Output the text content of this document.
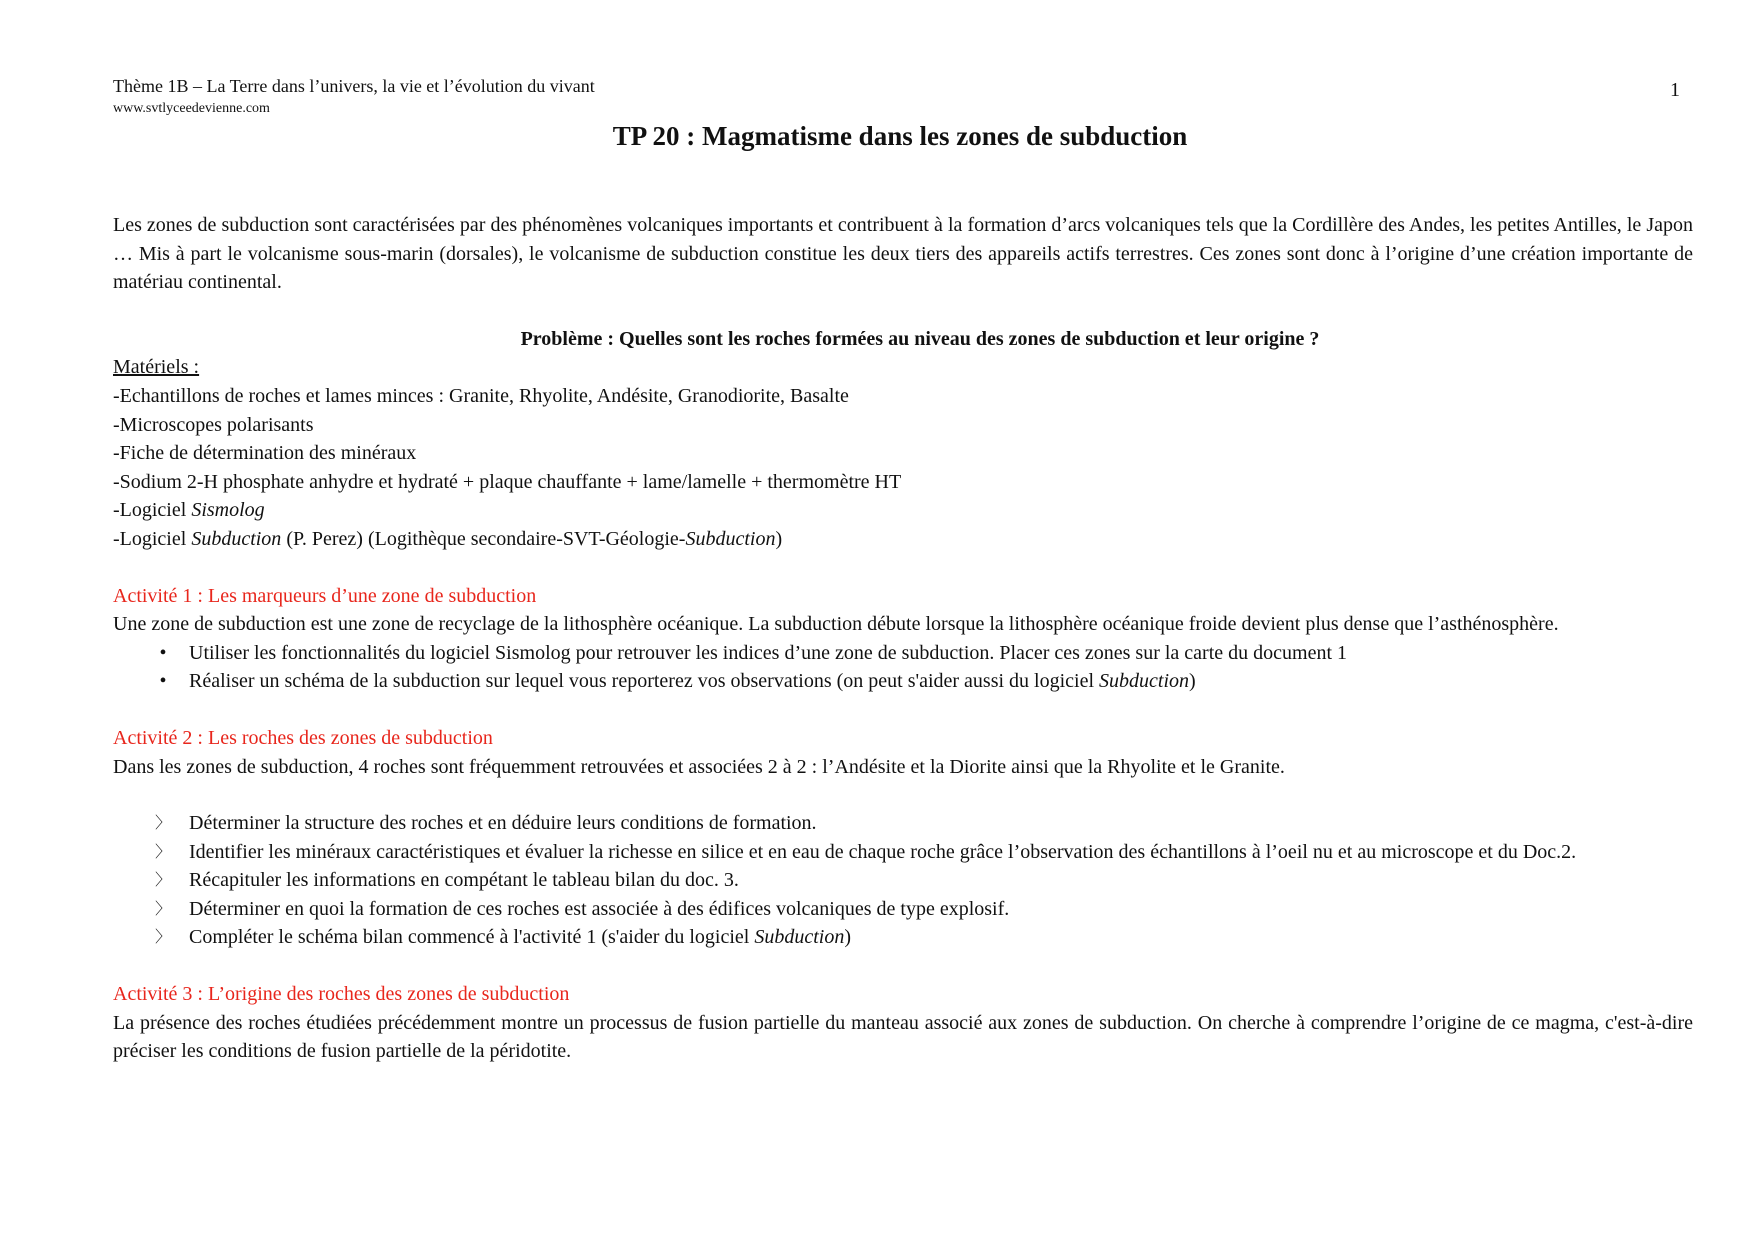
Thème 1B – La Terre dans l’univers, la vie et l’évolution du vivant
www.svtlyceedevienne.com
1
TP 20 : Magmatisme dans les zones de subduction

Les zones de subduction sont caractérisées par des phénomènes volcaniques importants et contribuent à la formation d’arcs volcaniques tels que la Cordillère des Andes, les petites Antilles, le Japon … Mis à part le volcanisme sous-marin (dorsales), le volcanisme de subduction constitue les deux tiers des appareils actifs terrestres. Ces zones sont donc à l’origine d’une création importante de matériau continental.

Problème : Quelles sont les roches formées au niveau des zones de subduction et leur origine ?

Matériels :

-Echantillons de roches et lames minces : Granite, Rhyolite, Andésite, Granodiorite, Basalte

-Microscopes polarisants

-Fiche de détermination des minéraux

-Sodium 2-H phosphate anhydre et hydraté + plaque chauffante + lame/lamelle + thermomètre HT

-Logiciel Sismolog

-Logiciel Subduction (P. Perez) (Logithèque secondaire-SVT-Géologie-Subduction)

Activité 1 : Les marqueurs d’une zone de subduction

Une zone de subduction est une zone de recyclage de la lithosphère océanique. La subduction débute lorsque la lithosphère océanique froide devient plus dense que l’asthénosphère.

•	Utiliser les fonctionnalités du logiciel Sismolog pour retrouver les indices d’une zone de subduction. Placer ces zones sur la carte du document 1
•	Réaliser un schéma de la subduction sur lequel vous reporterez vos observations (on peut s'aider aussi du logiciel Subduction)

Activité 2 : Les roches des zones de subduction

Dans les zones de subduction, 4 roches sont fréquemment retrouvées et associées 2 à 2 : l’Andésite et la Diorite ainsi que la Rhyolite et le Granite.

〉 Déterminer la structure des roches et en déduire leurs conditions de formation.
〉 Identifier les minéraux caractéristiques et évaluer la richesse en silice et en eau de chaque roche grâce l’observation des échantillons à l’oeil nu et au microscope et du Doc.2.
〉 Récapituler les informations en compétant le tableau bilan du doc. 3.
〉 Déterminer en quoi la formation de ces roches est associée à des édifices volcaniques de type explosif.
〉 Compléter le schéma bilan commencé à l'activité 1 (s'aider du logiciel Subduction)

Activité 3 : L’origine des roches des zones de subduction

La présence des roches étudiées précédemment montre un processus de fusion partielle du manteau associé aux zones de subduction. On cherche à comprendre l’origine de ce magma, c'est-à-dire préciser les conditions de fusion partielle de la péridotite.
